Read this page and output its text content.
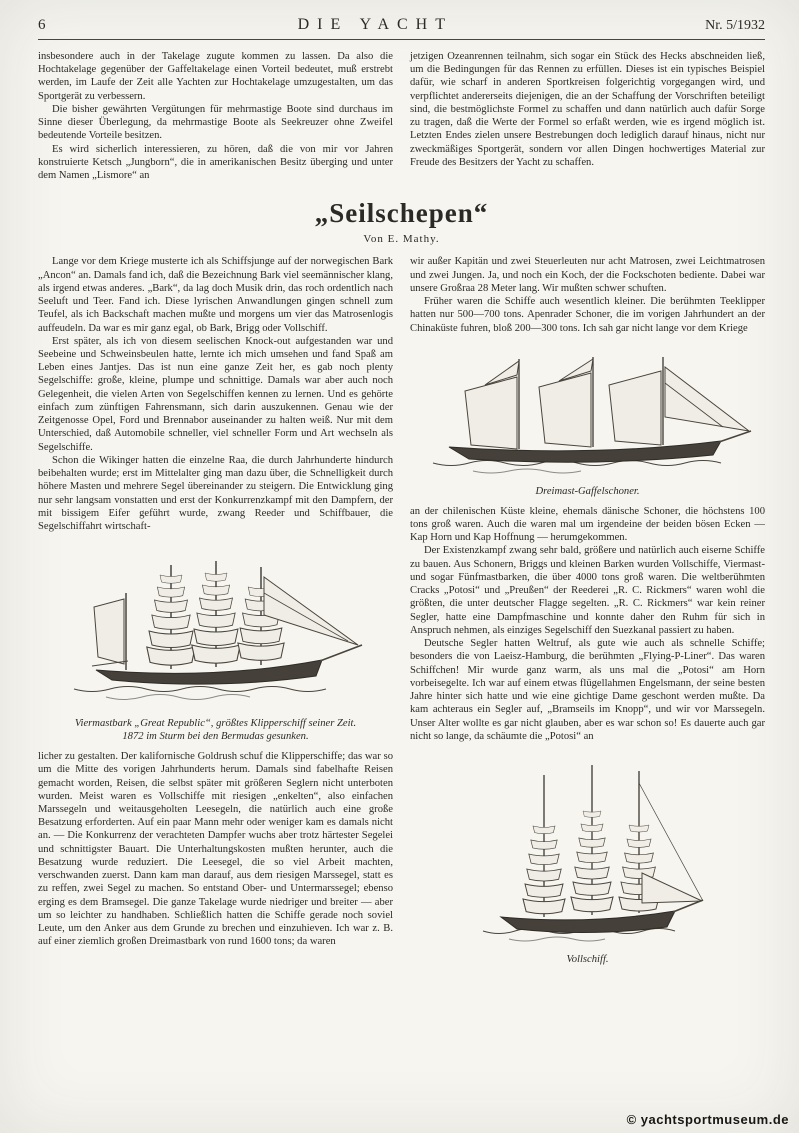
6	DIE YACHT	Nr. 5/1932

insbesondere auch in der Takelage zugute kommen zu lassen. Da also die Hochtakelage gegenüber der Gaffeltakelage einen Vorteil bedeutet, muß erstrebt werden, im Laufe der Zeit alle Yachten zur Hochtakelage umzugestalten, um das Sportgerät zu verbessern.

Die bisher gewährten Vergütungen für mehrmastige Boote sind durchaus im Sinne dieser Überlegung, da mehrmastige Boote als Seekreuzer ohne Zweifel bedeutende Vorteile besitzen.

Es wird sicherlich interessieren, zu hören, daß die von mir vor Jahren konstruierte Ketsch „Jungborn“, die in amerikanischen Besitz überging und unter dem Namen „Lismore“ an

jetzigen Ozeanrennen teilnahm, sich sogar ein Stück des Hecks abschneiden ließ, um die Bedingungen für das Rennen zu erfüllen. Dieses ist ein typisches Beispiel dafür, wie scharf in anderen Sportkreisen folgerichtig vorgegangen wird, und verpflichtet andererseits diejenigen, die an der Schaffung der Vorschriften beteiligt sind, die bestmöglichste Formel zu schaffen und dann natürlich auch dafür Sorge zu tragen, daß die Werte der Formel so erfaßt werden, wie es irgend möglich ist. Letzten Endes zielen unsere Bestrebungen doch lediglich darauf hinaus, nicht nur zweckmäßiges Sportgerät, sondern vor allen Dingen hochwertiges Material zur Freude des Besitzers der Yacht zu schaffen.

„Seilschepen“
Von E. Mathy.

Lange vor dem Kriege musterte ich als Schiffsjunge auf der norwegischen Bark „Ancon“ an. Damals fand ich, daß die Bezeichnung Bark viel seemännischer klang, als irgend etwas anderes. „Bark“, da lag doch Musik drin, das roch ordentlich nach Seeluft und Teer. Fand ich. Diese lyrischen Anwandlungen gingen schnell zum Teufel, als ich Backschaft machen mußte und morgens um vier das Matrosenlogis auffeudeln. Da war es mir ganz egal, ob Bark, Brigg oder Vollschiff.

Erst später, als ich von diesem seelischen Knock-out aufgestanden war und Seebeine und Schweinsbeulen hatte, lernte ich mich umsehen und fand Spaß am Leben eines Jantjes. Das ist nun eine ganze Zeit her, es gab noch plenty Segelschiffe: große, kleine, plumpe und schnittige. Damals war aber auch noch Gelegenheit, die vielen Arten von Segelschiffen kennen zu lernen. Und es gehörte einfach zum zünftigen Fahrensmann, sich darin auszukennen. Genau wie der Zeitgenosse Opel, Ford und Brennabor auseinander zu halten weiß. Nur mit dem Unterschied, daß Automobile schneller, viel schneller Form und Art wechseln als Segelschiffe.

Schon die Wikinger hatten die einzelne Raa, die durch Jahrhunderte hindurch beibehalten wurde; erst im Mittelalter ging man dazu über, die Schnelligkeit durch höhere Masten und mehrere Segel übereinander zu steigern. Die Entwicklung ging nur sehr langsam vonstatten und erst der Konkurrenzkampf mit den Dampfern, der mit bissigem Eifer geführt wurde, zwang Reeder und Schiffbauer, die Segelschiffahrt wirtschaft-

Viermastbark „Great Republic“, größtes Klipperschiff seiner Zeit.
1872 im Sturm bei den Bermudas gesunken.

licher zu gestalten. Der kalifornische Goldrush schuf die Klipperschiffe; das war so um die Mitte des vorigen Jahrhunderts herum. Damals sind fabelhafte Reisen gemacht worden, Reisen, die selbst später mit größeren Seglern nicht unterboten wurden. Meist waren es Vollschiffe mit riesigen „enkelten“, also einfachen Marssegeln und weitausgeholten Leesegeln, die natürlich auch eine große Besatzung erforderten. Auf ein paar Mann mehr oder weniger kam es damals nicht an. — Die Konkurrenz der verachteten Dampfer wuchs aber trotz härtester Segelei und schnittigster Bauart. Die Unterhaltungskosten mußten herunter, auch die Besatzung wurde reduziert. Die Leesegel, die so viel Arbeit machten, verschwanden zuerst. Dann kam man darauf, aus dem riesigen Marssegel, statt es zu reffen, zwei Segel zu machen. So entstand Ober- und Untermarssegel; ebenso erging es dem Bramsegel. Die ganze Takelage wurde niedriger und breiter — aber um so leichter zu handhaben. Schließlich hatten die Schiffe gerade noch soviel Leute, um den Anker aus dem Grunde zu brechen und einzuhieven. Ich war z. B. auf einer ziemlich großen Dreimastbark von rund 1600 tons; da waren

wir außer Kapitän und zwei Steuerleuten nur acht Matrosen, zwei Leichtmatrosen und zwei Jungen. Ja, und noch ein Koch, der die Fockschoten bediente. Dabei war unsere Großraa 28 Meter lang. Wir mußten schwer schuften.

Früher waren die Schiffe auch wesentlich kleiner. Die berühmten Teeklipper hatten nur 500—700 tons. Apenrader Schoner, die im vorigen Jahrhundert an der Chinaküste fuhren, bloß 200—300 tons. Ich sah gar nicht lange vor dem Kriege

Dreimast-Gaffelschoner.

an der chilenischen Küste kleine, ehemals dänische Schoner, die höchstens 100 tons groß waren. Auch die waren mal um irgendeine der beiden bösen Ecken — Kap Horn und Kap Hoffnung — herumgekommen.

Der Existenzkampf zwang sehr bald, größere und natürlich auch eiserne Schiffe zu bauen. Aus Schonern, Briggs und kleinen Barken wurden Vollschiffe, Viermast- und sogar Fünfmastbarken, die über 4000 tons groß waren. Die weltberühmten Cracks „Potosi“ und „Preußen“ der Reederei „R. C. Rickmers“ waren wohl die größten, die unter deutscher Flagge segelten. „R. C. Rickmers“ war kein reiner Segler, hatte eine Dampfmaschine und konnte daher den Ruhm für sich in Anspruch nehmen, als einziges Segelschiff den Suezkanal passiert zu haben.

Deutsche Segler hatten Weltruf, als gute wie auch als schnelle Schiffe; besonders die von Laeisz-Hamburg, die berühmten „Flying-P-Liner“. Das waren Schiffchen! Mir wurde ganz warm, als uns mal die „Potosi“ am Horn vorbeisegelte. Ich war auf einem etwas flügellahmen Engelsmann, der seine besten Jahre hinter sich hatte und wie eine gichtige Dame geschont werden mußte. Da kam achteraus ein Segler auf, „Bramseils im Knopp“, und wir vor Marssegeln. Unser Alter wollte es gar nicht glauben, aber es war schon so! Es dauerte auch gar nicht so lange, da schäumte die „Potosi“ an

Vollschiff.
© yachtsportmuseum.de
